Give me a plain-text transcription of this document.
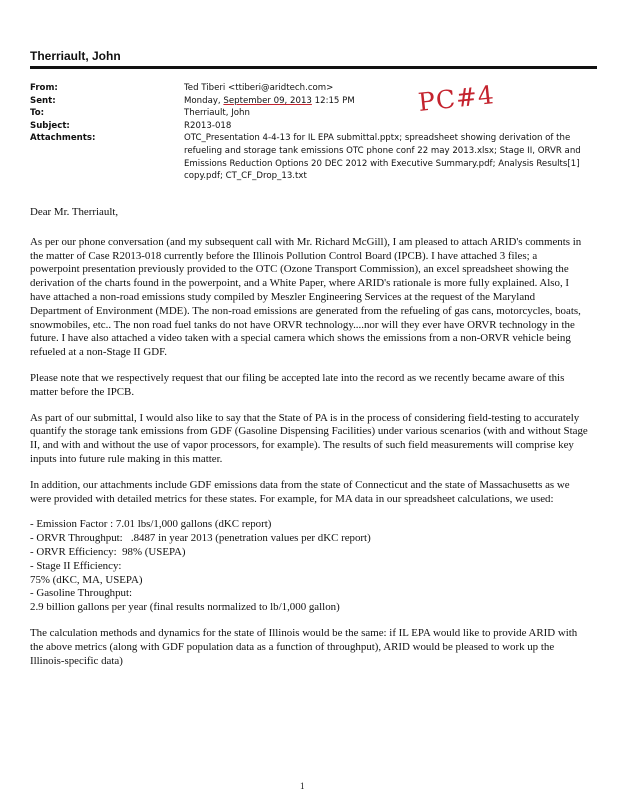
Therriault, John
From:	Ted Tiberi <ttiberi@aridtech.com>
Sent:	Monday, September 09, 2013 12:15 PM
To:	Therriault, John
Subject:	R2013-018
Attachments:	OTC_Presentation 4-4-13 for IL EPA submittal.pptx; spreadsheet showing derivation of the refueling and storage tank emissions OTC phone conf 22 may 2013.xlsx; Stage II, ORVR and Emissions Reduction Options 20 DEC 2012 with Executive Summary.pdf; Analysis Results[1] copy.pdf; CT_CF_Drop_13.txt
PC#4

Dear Mr. Therriault,

As per our phone conversation (and my subsequent call with Mr. Richard McGill), I am pleased to attach ARID's comments in the matter of Case R2013-018 currently before the Illinois Pollution Control Board (IPCB). I have attached 3 files; a powerpoint presentation previously provided to the OTC (Ozone Transport Commission), an excel spreadsheet showing the derivation of the charts found in the powerpoint, and a White Paper, where ARID's rationale is more fully explained. Also, I have attached a non-road emissions study compiled by Meszler Engineering Services at the request of the Maryland Department of Environment (MDE). The non-road emissions are generated from the refueling of gas cans, motorcycles, boats, snowmobiles, etc.. The non road fuel tanks do not have ORVR technology....nor will they ever have ORVR technology in the future. I have also attached a video taken with a special camera which shows the emissions from a non-ORVR vehicle being refueled at a non-Stage II GDF.

Please note that we respectively request that our filing be accepted late into the record as we recently became aware of this matter before the IPCB.

As part of our submittal, I would also like to say that the State of PA is in the process of considering field-testing to accurately quantify the storage tank emissions from GDF (Gasoline Dispensing Facilities) under various scenarios (with and without Stage II, and with and without the use of vapor processors, for example). The results of such field measurements will comprise key inputs into future rule making in this matter.

In addition, our attachments include GDF emissions data from the state of Connecticut and the state of Massachusetts as we were provided with detailed metrics for these states. For example, for MA data in our spreadsheet calculations, we used:

- Emission Factor : 7.01 lbs/1,000 gallons (dKC report)
- ORVR Throughput:   .8487 in year 2013 (penetration values per dKC report)
- ORVR Efficiency:  98% (USEPA)
- Stage II Efficiency:
75% (dKC, MA, USEPA)
- Gasoline Throughput:
2.9 billion gallons per year (final results normalized to lb/1,000 gallon)

The calculation methods and dynamics for the state of Illinois would be the same: if IL EPA would like to provide ARID with the above metrics (along with GDF population data as a function of throughput), ARID would be pleased to work up the Illinois-specific data)

1
